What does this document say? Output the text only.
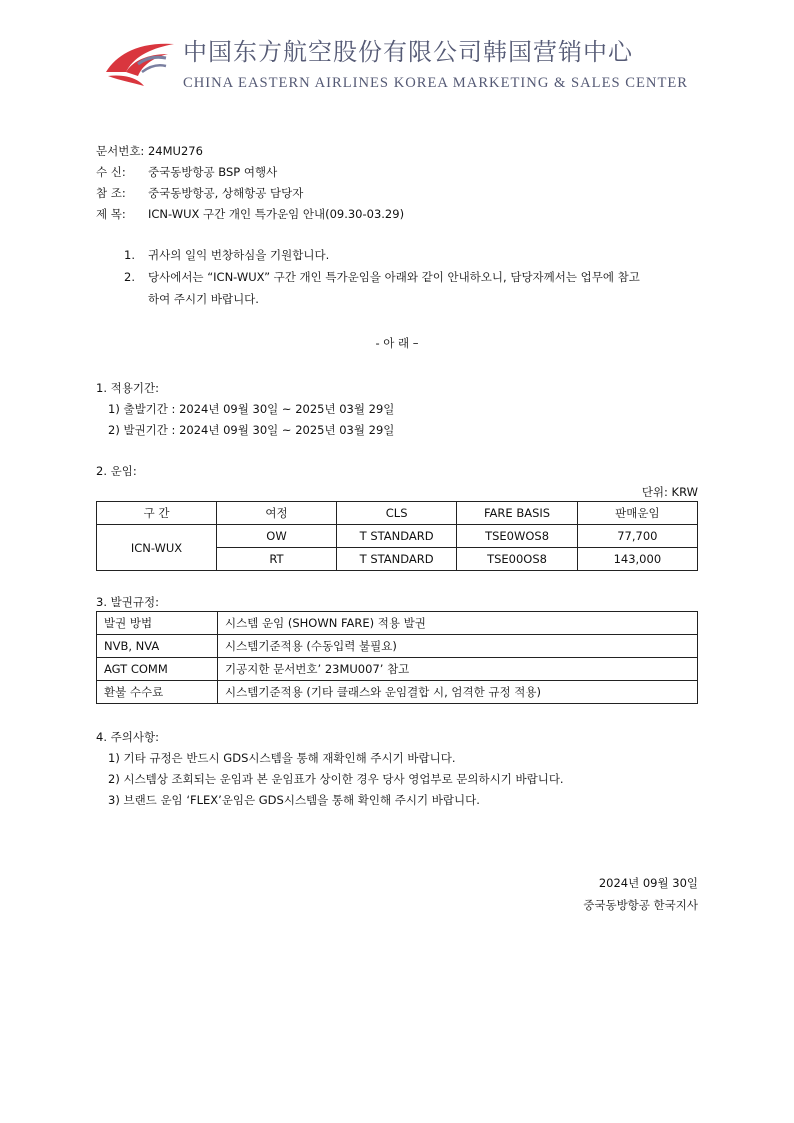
中国东方航空股份有限公司韩国营销中心
CHINA EASTERN AIRLINES KOREA MARKETING & SALES CENTER
문서번호: 24MU276
수 신: 중국동방항공 BSP 여행사
참 조: 중국동방항공, 상해항공 담당자
제 목: ICN-WUX 구간 개인 특가운임 안내(09.30-03.29)
1. 귀사의 일익 번창하심을 기원합니다.
2. 당사에서는 “ICN-WUX” 구간 개인 특가운임을 아래와 같이 안내하오니, 담당자께서는 업무에 참고
하여 주시기 바랍니다.
- 아 래 –
1. 적용기간:
1) 출발기간 : 2024년 09월 30일 ~ 2025년 03월 29일
2) 발권기간 : 2024년 09월 30일 ~ 2025년 03월 29일
2. 운임:
단위: KRW
구 간	여정	CLS	FARE BASIS	판매운임
ICN-WUX	OW	T STANDARD	TSE0WOS8	77,700
	RT	T STANDARD	TSE00OS8	143,000
3. 발권규정:
발권 방법	시스템 운임 (SHOWN FARE) 적용 발권
NVB, NVA	시스템기준적용 (수동입력 불필요)
AGT COMM	기공지한 문서번호’ 23MU007’ 참고
환불 수수료	시스템기준적용 (기타 클래스와 운임결합 시, 엄격한 규정 적용)
4. 주의사항:
1) 기타 규정은 반드시 GDS시스템을 통해 재확인해 주시기 바랍니다.
2) 시스템상 조회되는 운임과 본 운임표가 상이한 경우 당사 영업부로 문의하시기 바랍니다.
3) 브랜드 운임 ‘FLEX’운임은 GDS시스템을 통해 확인해 주시기 바랍니다.
2024년 09월 30일
중국동방항공 한국지사
